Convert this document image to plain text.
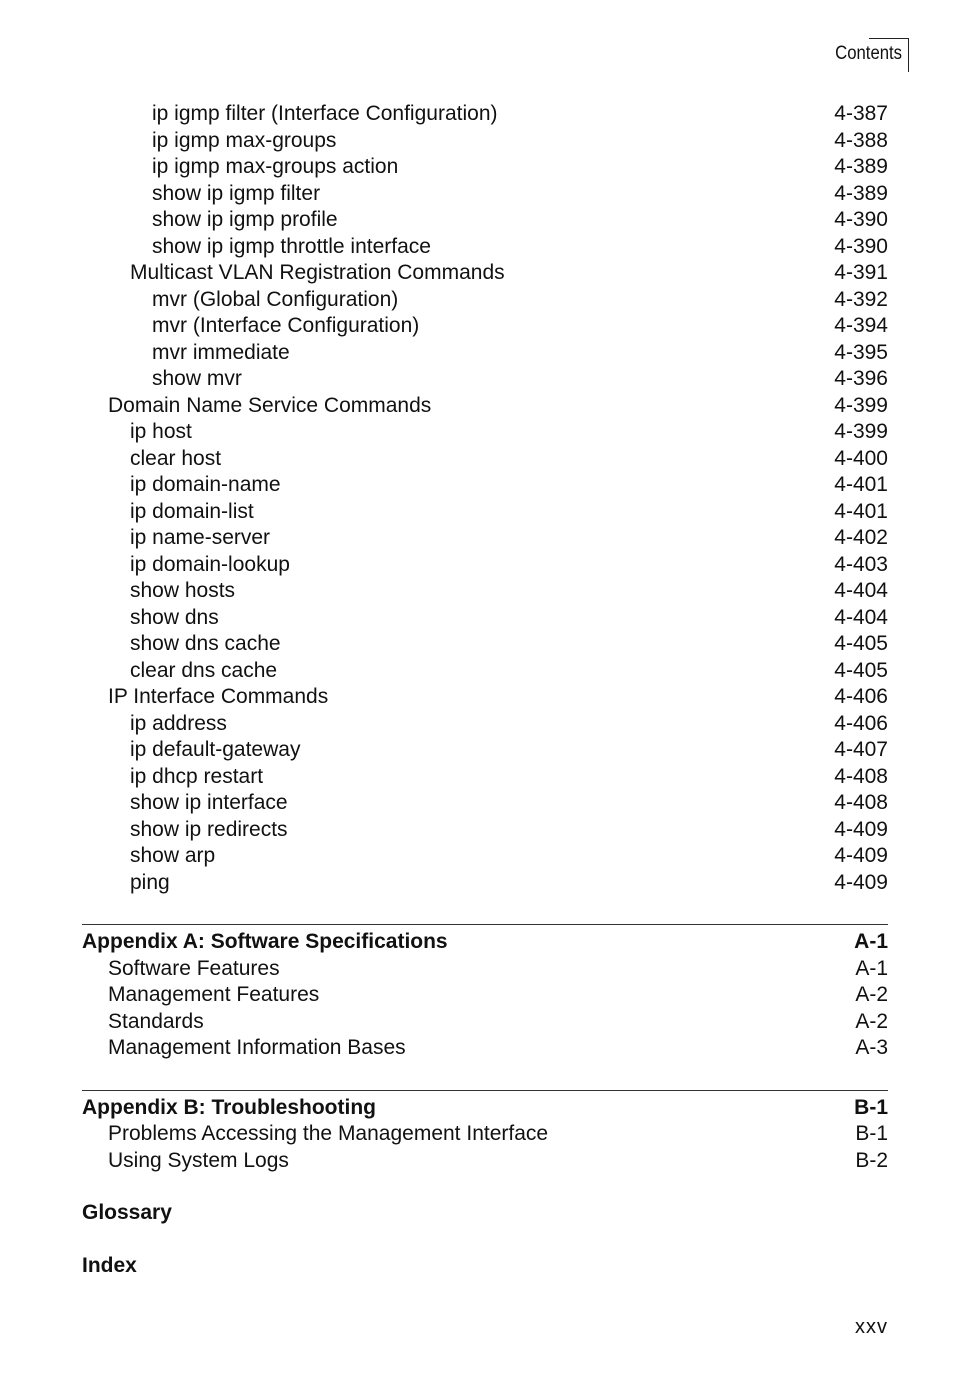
Contents
ip igmp filter (Interface Configuration)	4-387
ip igmp max-groups	4-388
ip igmp max-groups action	4-389
show ip igmp filter	4-389
show ip igmp profile	4-390
show ip igmp throttle interface	4-390
Multicast VLAN Registration Commands	4-391
mvr (Global Configuration)	4-392
mvr (Interface Configuration)	4-394
mvr immediate	4-395
show mvr	4-396
Domain Name Service Commands	4-399
ip host	4-399
clear host	4-400
ip domain-name	4-401
ip domain-list	4-401
ip name-server	4-402
ip domain-lookup	4-403
show hosts	4-404
show dns	4-404
show dns cache	4-405
clear dns cache	4-405
IP Interface Commands	4-406
ip address	4-406
ip default-gateway	4-407
ip dhcp restart	4-408
show ip interface	4-408
show ip redirects	4-409
show arp	4-409
ping	4-409
Appendix A: Software Specifications	A-1
Software Features	A-1
Management Features	A-2
Standards	A-2
Management Information Bases	A-3
Appendix B: Troubleshooting	B-1
Problems Accessing the Management Interface	B-1
Using System Logs	B-2
Glossary
Index
xxv
